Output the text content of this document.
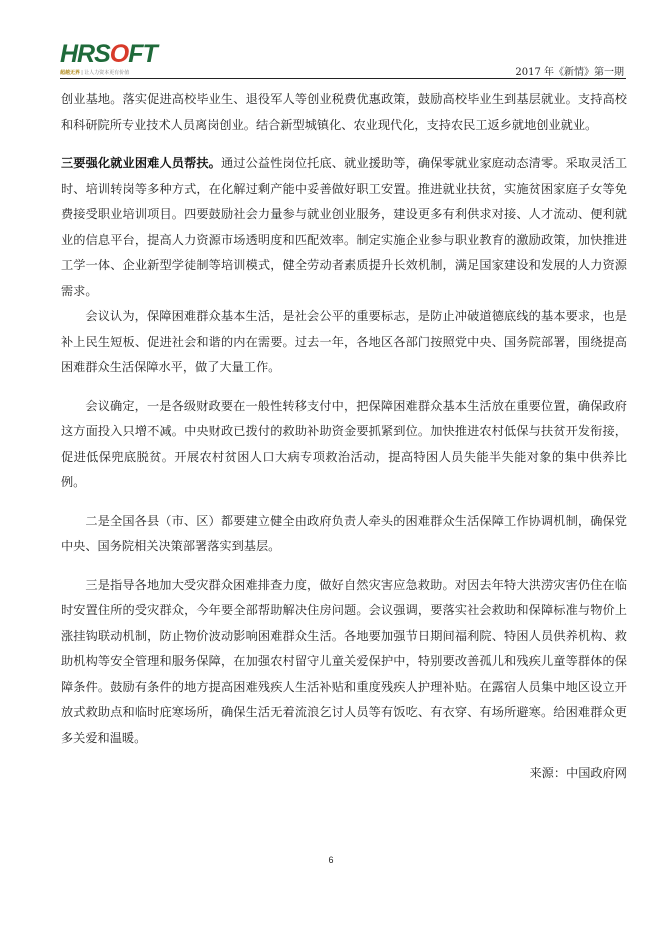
HRSOFT
超越无界 | 让人力资本更有价值	2017 年《新情》第一期

创业基地。落实促进高校毕业生、退役军人等创业税费优惠政策，鼓励高校毕业生到基层就业。支持高校和科研院所专业技术人员离岗创业。结合新型城镇化、农业现代化，支持农民工返乡就地创业就业。

三要强化就业困难人员帮扶。通过公益性岗位托底、就业援助等，确保零就业家庭动态清零。采取灵活工时、培训转岗等多种方式，在化解过剩产能中妥善做好职工安置。推进就业扶贫，实施贫困家庭子女等免费接受职业培训项目。四要鼓励社会力量参与就业创业服务，建设更多有利供求对接、人才流动、便利就业的信息平台，提高人力资源市场透明度和匹配效率。制定实施企业参与职业教育的激励政策，加快推进工学一体、企业新型学徒制等培训模式，健全劳动者素质提升长效机制，满足国家建设和发展的人力资源需求。

会议认为，保障困难群众基本生活，是社会公平的重要标志，是防止冲破道德底线的基本要求，也是补上民生短板、促进社会和谐的内在需要。过去一年，各地区各部门按照党中央、国务院部署，围绕提高困难群众生活保障水平，做了大量工作。

会议确定，一是各级财政要在一般性转移支付中，把保障困难群众基本生活放在重要位置，确保政府这方面投入只增不减。中央财政已拨付的救助补助资金要抓紧到位。加快推进农村低保与扶贫开发衔接，促进低保兜底脱贫。开展农村贫困人口大病专项救治活动，提高特困人员失能半失能对象的集中供养比例。

二是全国各县（市、区）都要建立健全由政府负责人牵头的困难群众生活保障工作协调机制，确保党中央、国务院相关决策部署落实到基层。

三是指导各地加大受灾群众困难排查力度，做好自然灾害应急救助。对因去年特大洪涝灾害仍住在临时安置住所的受灾群众，今年要全部帮助解决住房问题。会议强调，要落实社会救助和保障标准与物价上涨挂钩联动机制，防止物价波动影响困难群众生活。各地要加强节日期间福利院、特困人员供养机构、救助机构等安全管理和服务保障，在加强农村留守儿童关爱保护中，特别要改善孤儿和残疾儿童等群体的保障条件。鼓励有条件的地方提高困难残疾人生活补贴和重度残疾人护理补贴。在露宿人员集中地区设立开放式救助点和临时庇寒场所，确保生活无着流浪乞讨人员等有饭吃、有衣穿、有场所避寒。给困难群众更多关爱和温暖。

来源：中国政府网

6
